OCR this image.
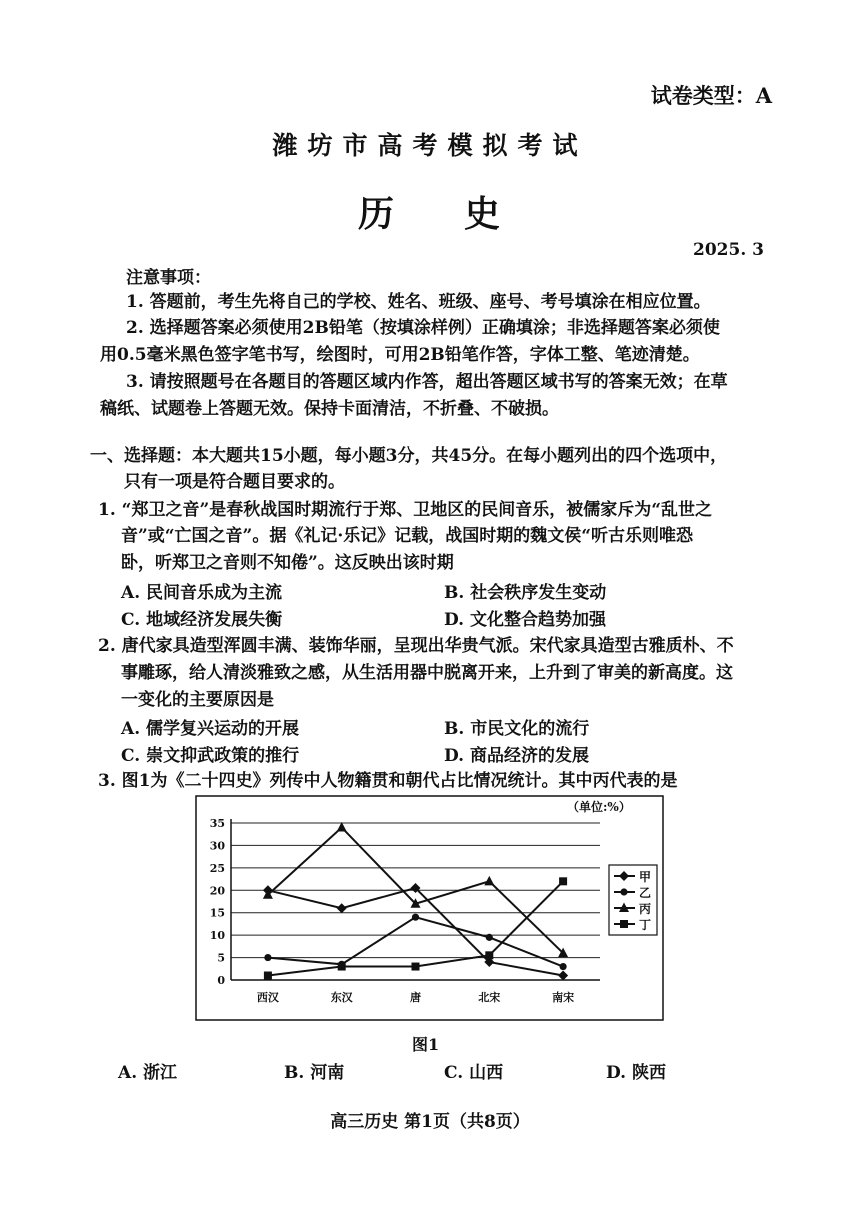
试卷类型：A
潍坊市高考模拟考试
历 史
2025. 3
注意事项：
1. 答题前，考生先将自己的学校、姓名、班级、座号、考号填涂在相应位置。
2. 选择题答案必须使用2B铅笔（按填涂样例）正确填涂；非选择题答案必须使
用0.5毫米黑色签字笔书写，绘图时，可用2B铅笔作答，字体工整、笔迹清楚。
3. 请按照题号在各题目的答题区域内作答，超出答题区域书写的答案无效；在草
稿纸、试题卷上答题无效。保持卡面清洁，不折叠、不破损。
一、选择题：本大题共15小题，每小题3分，共45分。在每小题列出的四个选项中，
只有一项是符合题目要求的。
1. “郑卫之音”是春秋战国时期流行于郑、卫地区的民间音乐，被儒家斥为“乱世之
音”或“亡国之音”。据《礼记·乐记》记载，战国时期的魏文侯“听古乐则唯恐
卧，听郑卫之音则不知倦”。这反映出该时期
A. 民间音乐成为主流	B. 社会秩序发生变动
C. 地域经济发展失衡	D. 文化整合趋势加强
2. 唐代家具造型浑圆丰满、装饰华丽，呈现出华贵气派。宋代家具造型古雅质朴、不
事雕琢，给人清淡雅致之感，从生活用器中脱离开来，上升到了审美的新高度。这
一变化的主要原因是
A. 儒学复兴运动的开展	B. 市民文化的流行
C. 崇文抑武政策的推行	D. 商品经济的发展
3. 图1为《二十四史》列传中人物籍贯和朝代占比情况统计。其中丙代表的是
（单位:%）
0
5
10
15
20
25
30
35
西汉	东汉	唐	北宋	南宋
甲
乙
丙
丁
图1
A. 浙江	B. 河南	C. 山西	D. 陕西
高三历史 第1页（共8页）
